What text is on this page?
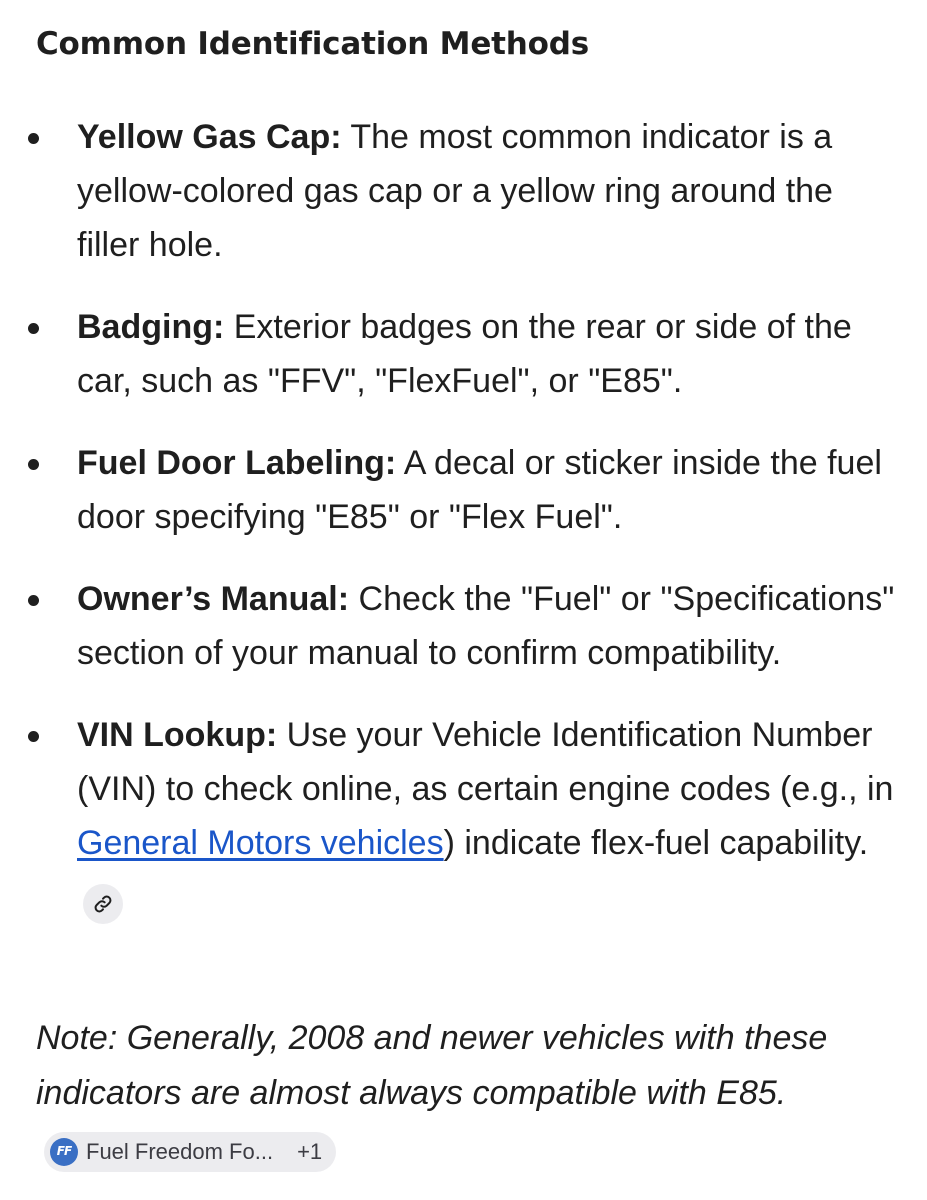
Common Identification Methods
Yellow Gas Cap: The most common indicator is a yellow-colored gas cap or a yellow ring around the filler hole.
Badging: Exterior badges on the rear or side of the car, such as "FFV", "FlexFuel", or "E85".
Fuel Door Labeling: A decal or sticker inside the fuel door specifying "E85" or "Flex Fuel".
Owner’s Manual: Check the "Fuel" or "Specifications" section of your manual to confirm compatibility.
VIN Lookup: Use your Vehicle Identification Number (VIN) to check online, as certain engine codes (e.g., in General Motors vehicles) indicate flex-fuel capability.

Note: Generally, 2008 and newer vehicles with these indicators are almost always compatible with E85.
FF Fuel Freedom Fo... +1
